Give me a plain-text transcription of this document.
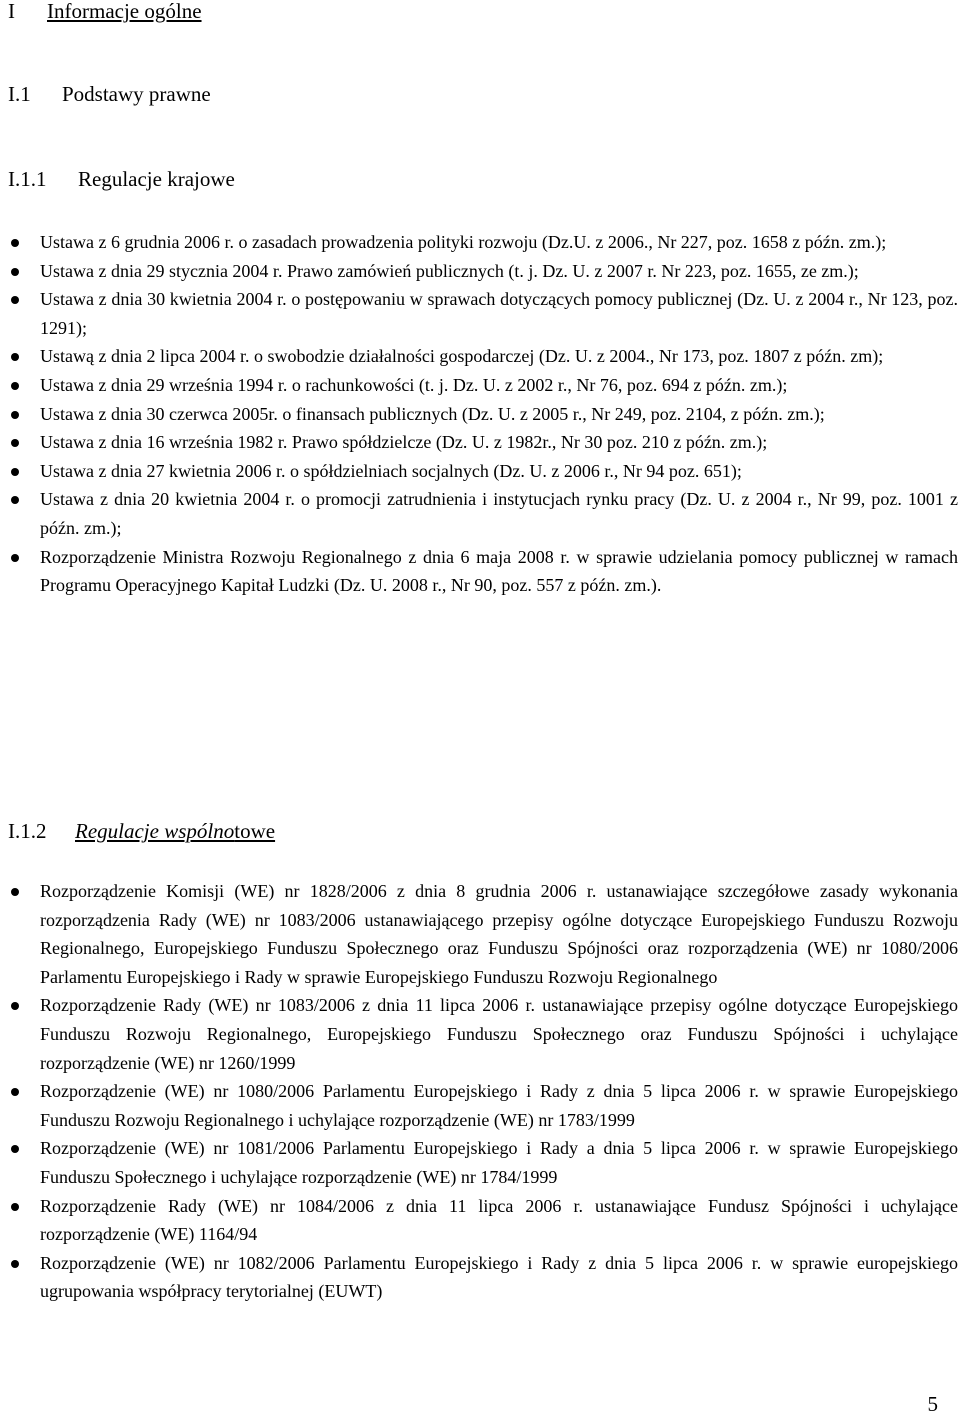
I Informacje ogólne
I.1 Podstawy prawne
I.1.1 Regulacje krajowe
Ustawa z 6 grudnia 2006 r. o zasadach prowadzenia polityki rozwoju (Dz.U. z 2006., Nr 227, poz. 1658 z późn. zm.);
Ustawa z dnia 29 stycznia 2004 r. Prawo zamówień publicznych (t. j. Dz. U. z 2007 r. Nr 223, poz. 1655, ze zm.);
Ustawa z dnia 30 kwietnia 2004 r. o postępowaniu w sprawach dotyczących pomocy publicznej (Dz. U. z 2004 r., Nr 123, poz. 1291);
Ustawą z dnia 2 lipca 2004 r. o swobodzie działalności gospodarczej (Dz. U. z 2004., Nr 173, poz. 1807 z późn. zm);
Ustawa z dnia 29 września 1994 r. o rachunkowości (t. j. Dz. U. z 2002 r., Nr 76, poz. 694 z późn. zm.);
Ustawa z dnia 30 czerwca 2005r. o finansach publicznych (Dz. U. z 2005 r., Nr 249, poz. 2104, z późn. zm.);
Ustawa z dnia 16 września 1982 r. Prawo spółdzielcze (Dz. U. z 1982r., Nr 30 poz. 210 z późn. zm.);
Ustawa z dnia 27 kwietnia 2006 r. o spółdzielniach socjalnych (Dz. U. z 2006 r., Nr 94 poz. 651);
Ustawa z dnia 20 kwietnia 2004 r. o promocji zatrudnienia i instytucjach rynku pracy (Dz. U. z 2004 r., Nr 99, poz. 1001 z późn. zm.);
Rozporządzenie Ministra Rozwoju Regionalnego z dnia 6 maja 2008 r. w sprawie udzielania pomocy publicznej w ramach Programu Operacyjnego Kapitał Ludzki (Dz. U. 2008 r., Nr 90, poz. 557 z późn. zm.).
I.1.2 Regulacje wspólnotowe
Rozporządzenie Komisji (WE) nr 1828/2006 z dnia 8 grudnia 2006 r. ustanawiające szczegółowe zasady wykonania rozporządzenia Rady (WE) nr 1083/2006 ustanawiającego przepisy ogólne dotyczące Europejskiego Funduszu Rozwoju Regionalnego, Europejskiego Funduszu Społecznego oraz Funduszu Spójności oraz rozporządzenia (WE) nr 1080/2006 Parlamentu Europejskiego i Rady w sprawie Europejskiego Funduszu Rozwoju Regionalnego
Rozporządzenie Rady (WE) nr 1083/2006 z dnia 11 lipca 2006 r. ustanawiające przepisy ogólne dotyczące Europejskiego Funduszu Rozwoju Regionalnego, Europejskiego Funduszu Społecznego oraz Funduszu Spójności i uchylające rozporządzenie (WE) nr 1260/1999
Rozporządzenie (WE) nr 1080/2006 Parlamentu Europejskiego i Rady z dnia 5 lipca 2006 r. w sprawie Europejskiego Funduszu Rozwoju Regionalnego i uchylające rozporządzenie (WE) nr 1783/1999
Rozporządzenie (WE) nr 1081/2006 Parlamentu Europejskiego i Rady a dnia 5 lipca 2006 r. w sprawie Europejskiego Funduszu Społecznego i uchylające rozporządzenie (WE) nr 1784/1999
Rozporządzenie Rady (WE) nr 1084/2006 z dnia 11 lipca 2006 r. ustanawiające Fundusz Spójności i uchylające rozporządzenie (WE) 1164/94
Rozporządzenie (WE) nr 1082/2006 Parlamentu Europejskiego i Rady z dnia 5 lipca 2006 r. w sprawie europejskiego ugrupowania współpracy terytorialnej (EUWT)
5
